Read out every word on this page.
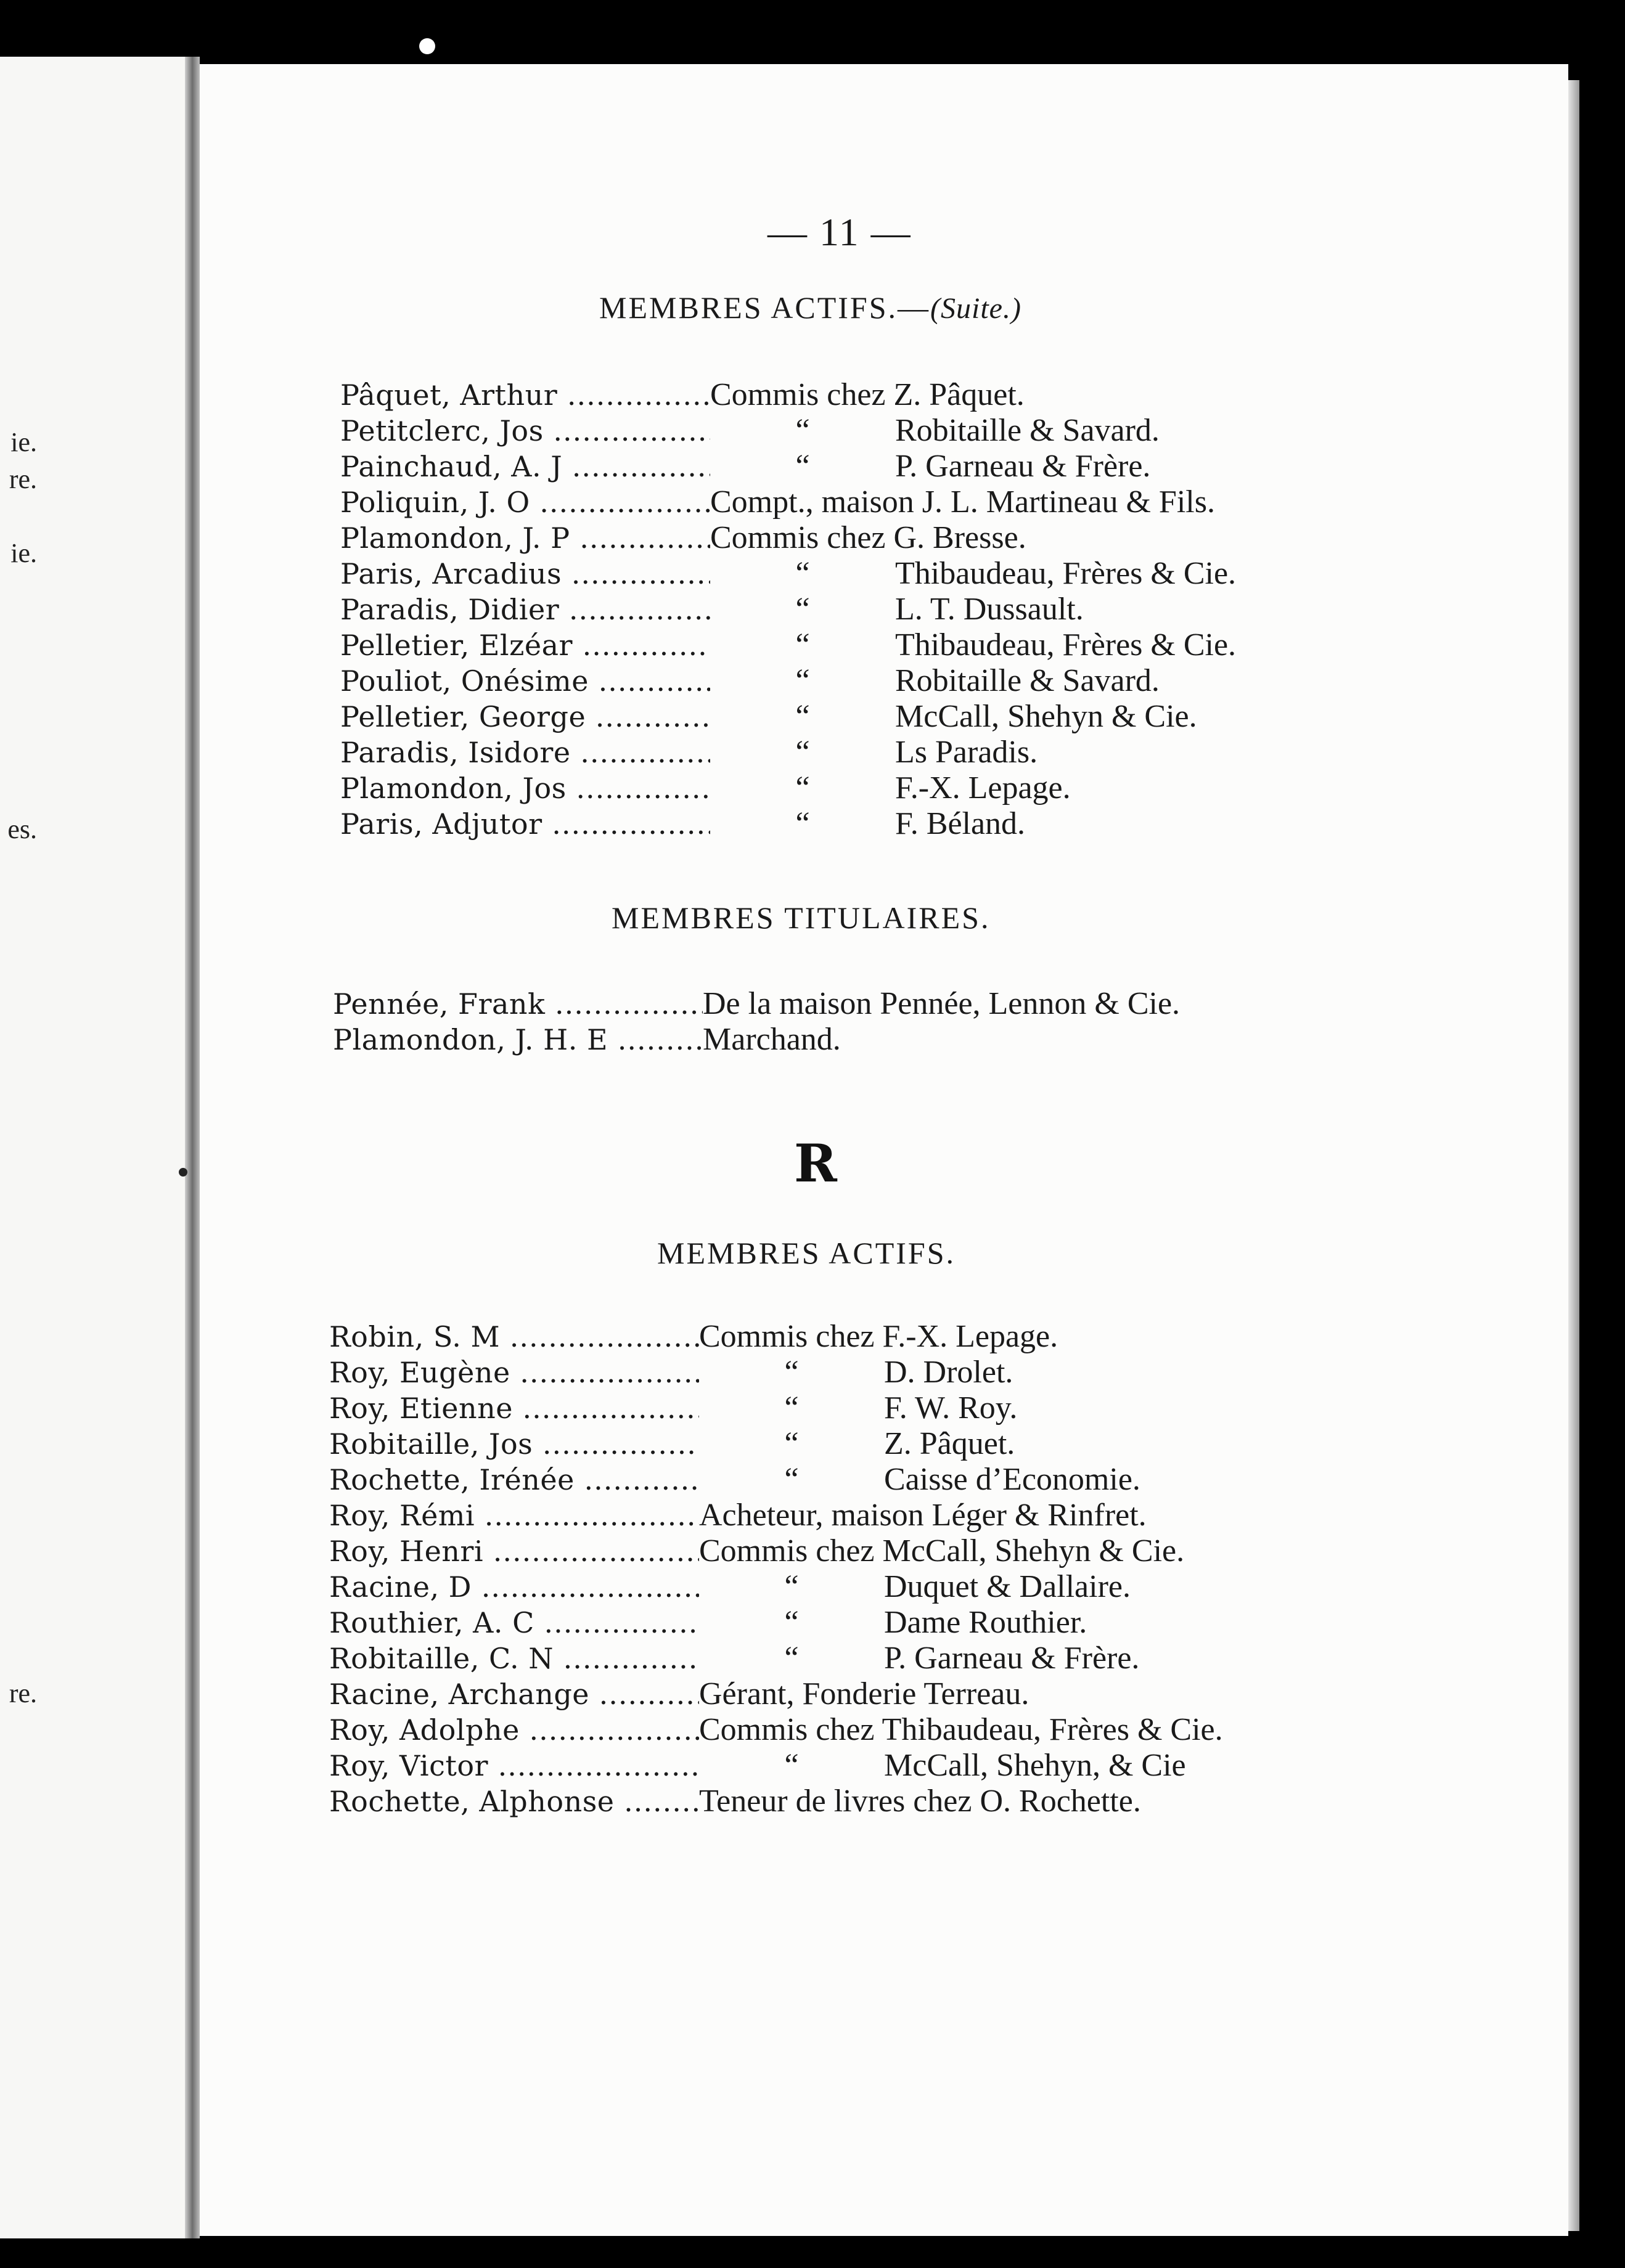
ie.
re.
ie.
es.
re.
— 11 —
MEMBRES ACTIFS.—(Suite.)
Pâquet, Arthur .....	Commis chez Z. Pâquet.
Petitclerc, Jos .....	“	Robitaille & Savard.
Painchaud, A. J .....	“	P. Garneau & Frère.
Poliquin, J. O .....	Compt., maison J. L. Martineau & Fils.
Plamondon, J. P .....	Commis chez G. Bresse.
Paris, Arcadius .....	“	Thibaudeau, Frères & Cie.
Paradis, Didier .....	“	L. T. Dussault.
Pelletier, Elzéar .....	“	Thibaudeau, Frères & Cie.
Pouliot, Onésime .....	“	Robitaille & Savard.
Pelletier, George .....	“	McCall, Shehyn & Cie.
Paradis, Isidore .....	“	Ls Paradis.
Plamondon, Jos .....	“	F.-X. Lepage.
Paris, Adjutor .....	“	F. Béland.
MEMBRES TITULAIRES.
Pennée, Frank .....	De la maison Pennée, Lennon & Cie.
Plamondon, J. H. E .....	Marchand.
R
MEMBRES ACTIFS.
Robin, S. M .....	Commis chez F.-X. Lepage.
Roy, Eugène .....	“	D. Drolet.
Roy, Etienne .....	“	F. W. Roy.
Robitaille, Jos .....	“	Z. Pâquet.
Rochette, Irénée .....	“	Caisse d’Economie.
Roy, Rémi .....	Acheteur, maison Léger & Rinfret.
Roy, Henri .....	Commis chez McCall, Shehyn & Cie.
Racine, D .....	“	Duquet & Dallaire.
Routhier, A. C .....	“	Dame Routhier.
Robitaille, C. N .....	“	P. Garneau & Frère.
Racine, Archange .....	Gérant, Fonderie Terreau.
Roy, Adolphe .....	Commis chez Thibaudeau, Frères & Cie.
Roy, Victor .....	“	McCall, Shehyn, & Cie
Rochette, Alphonse .....	Teneur de livres chez O. Rochette.
